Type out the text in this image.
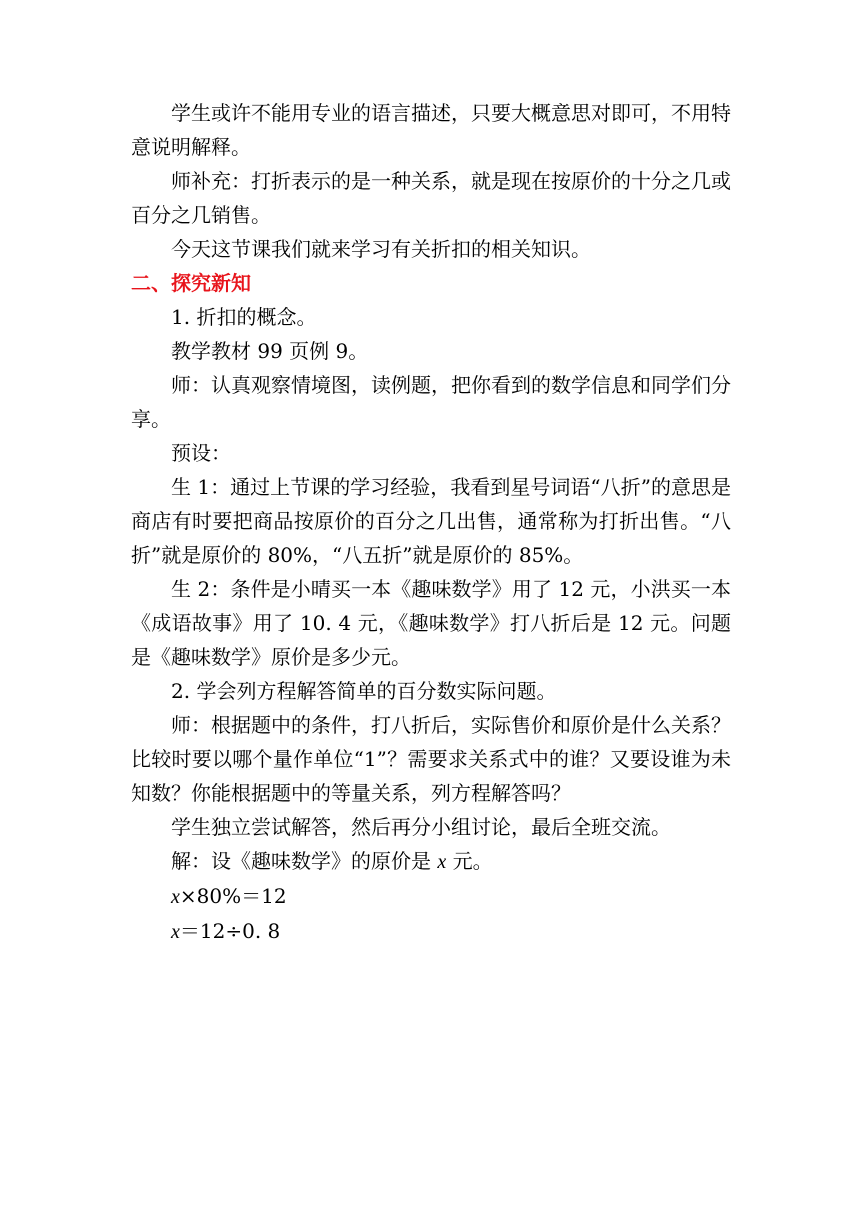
学生或许不能用专业的语言描述，只要大概意思对即可，不用特意说明解释。

师补充：打折表示的是一种关系，就是现在按原价的十分之几或百分之几销售。

今天这节课我们就来学习有关折扣的相关知识。

二、探究新知

1. 折扣的概念。

教学教材 99 页例 9。

师：认真观察情境图，读例题，把你看到的数学信息和同学们分享。

预设：

生 1：通过上节课的学习经验，我看到星号词语“八折”的意思是商店有时要把商品按原价的百分之几出售，通常称为打折出售。“八折”就是原价的 80%，“八五折”就是原价的 85%。

生 2：条件是小晴买一本《趣味数学》用了 12 元，小洪买一本《成语故事》用了 10. 4 元，《趣味数学》打八折后是 12 元。问题是《趣味数学》原价是多少元。

2. 学会列方程解答简单的百分数实际问题。

师：根据题中的条件，打八折后，实际售价和原价是什么关系？比较时要以哪个量作单位“1”？需要求关系式中的谁？又要设谁为未知数？你能根据题中的等量关系，列方程解答吗？

学生独立尝试解答，然后再分小组讨论，最后全班交流。

解：设《趣味数学》的原价是 x 元。

x×80%＝12

x＝12÷0. 8
